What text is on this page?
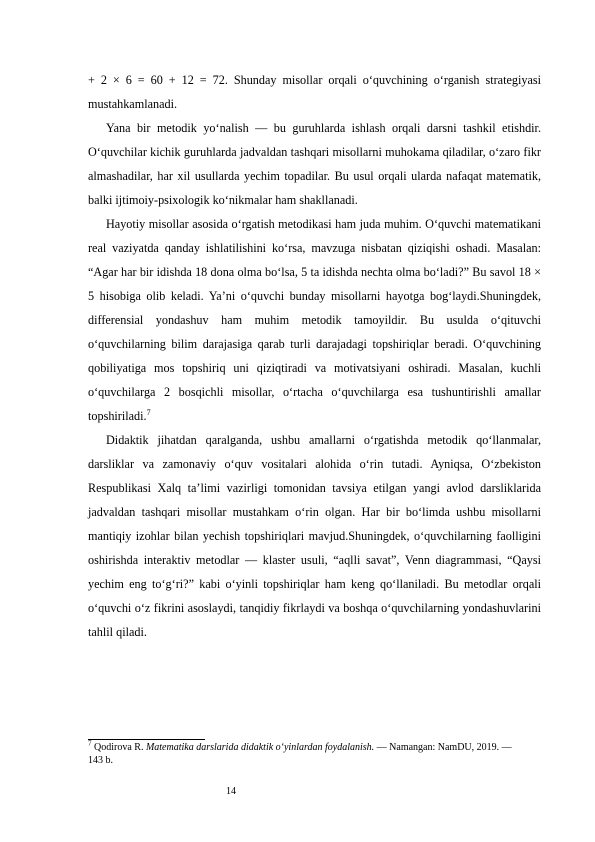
+ 2 × 6 = 60 + 12 = 72. Shunday misollar orqali o‘quvchining o‘rganish strategiyasi mustahkamlanadi.

Yana bir metodik yo‘nalish — bu guruhlarda ishlash orqali darsni tashkil etishdir. O‘quvchilar kichik guruhlarda jadvaldan tashqari misollarni muhokama qiladilar, o‘zaro fikr almashadilar, har xil usullarda yechim topadilar. Bu usul orqali ularda nafaqat matematik, balki ijtimoiy-psixologik ko‘nikmalar ham shakllanadi.

Hayotiy misollar asosida o‘rgatish metodikasi ham juda muhim. O‘quvchi matematikani real vaziyatda qanday ishlatilishini ko‘rsa, mavzuga nisbatan qiziqishi oshadi. Masalan: “Agar har bir idishda 18 dona olma bo‘lsa, 5 ta idishda nechta olma bo‘ladi?” Bu savol 18 × 5 hisobiga olib keladi. Ya’ni o‘quvchi bunday misollarni hayotga bog‘laydi.Shuningdek, differensial yondashuv ham muhim metodik tamoyildir. Bu usulda o‘qituvchi o‘quvchilarning bilim darajasiga qarab turli darajadagi topshiriqlar beradi. O‘quvchining qobiliyatiga mos topshiriq uni qiziqtiradi va motivatsiyani oshiradi. Masalan, kuchli o‘quvchilarga 2 bosqichli misollar, o‘rtacha o‘quvchilarga esa tushuntirishli amallar topshiriladi.$^7$

Didaktik jihatdan qaralganda, ushbu amallarni o‘rgatishda metodik qo‘llanmalar, darsliklar va zamonaviy o‘quv vositalari alohida o‘rin tutadi. Ayniqsa, O‘zbekiston Respublikasi Xalq ta’limi vazirligi tomonidan tavsiya etilgan yangi avlod darsliklarida jadvaldan tashqari misollar mustahkam o‘rin olgan. Har bir bo‘limda ushbu misollarni mantiqiy izohlar bilan yechish topshiriqlari mavjud.Shuningdek, o‘quvchilarning faolligini oshirishda interaktiv metodlar — klaster usuli, “aqlli savat”, Venn diagrammasi, “Qaysi yechim eng to‘g‘ri?” kabi o‘yinli topshiriqlar ham keng qo‘llaniladi. Bu metodlar orqali o‘quvchi o‘z fikrini asoslaydi, tanqidiy fikrlaydi va boshqa o‘quvchilarning yondashuvlarini tahlil qiladi.

$^7$ Qodirova R. Matematika darslarida didaktik o‘yinlardan foydalanish. — Namangan: NamDU, 2019. — 143 b.
14
